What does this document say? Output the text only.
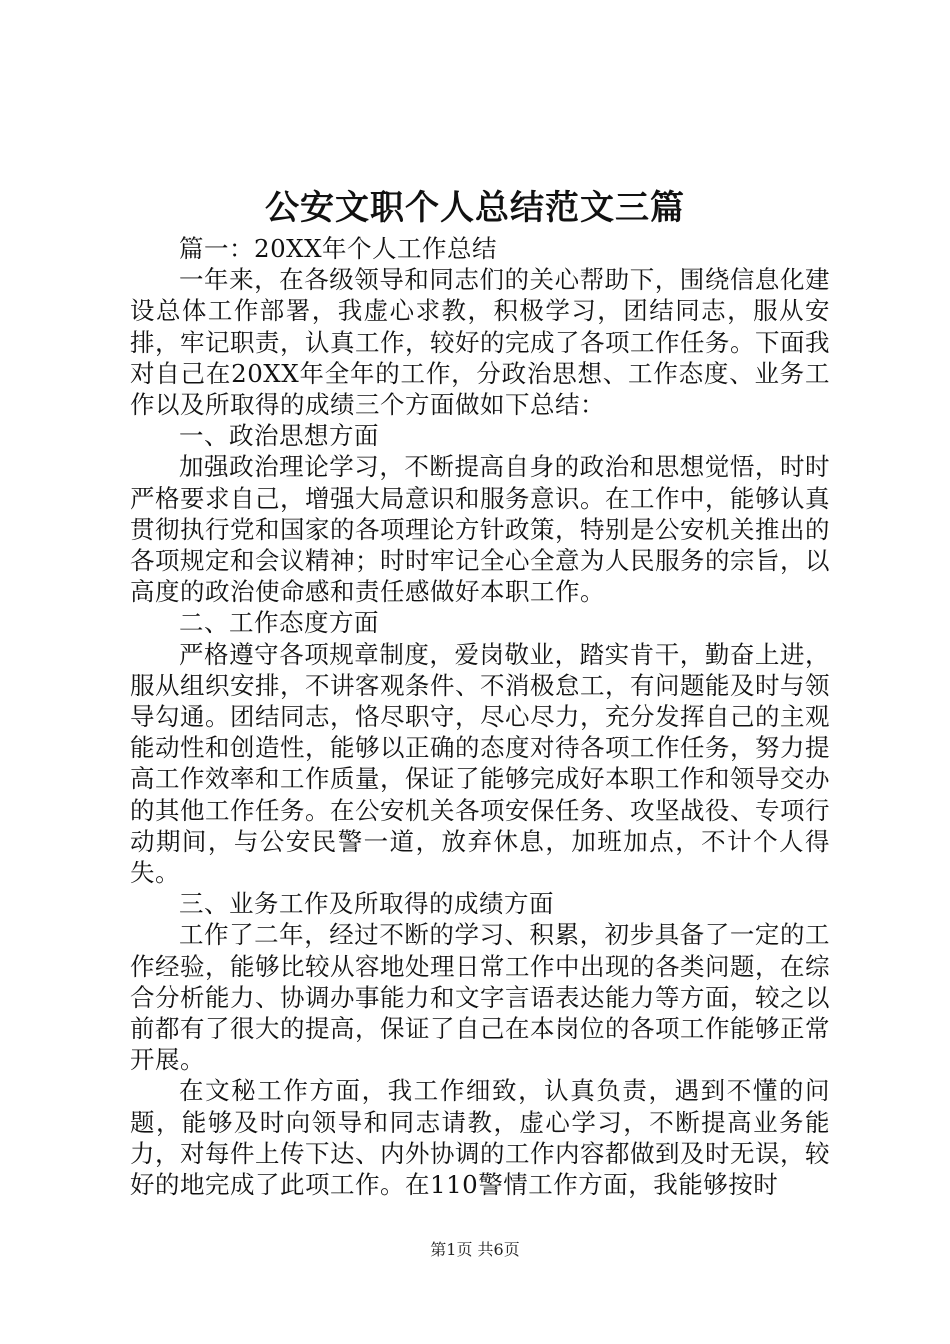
公安文职个人总结范文三篇

篇一：20XX年个人工作总结

一年来，在各级领导和同志们的关心帮助下，围绕信息化建设总体工作部署，我虚心求教，积极学习，团结同志，服从安排，牢记职责，认真工作，较好的完成了各项工作任务。下面我对自己在20XX年全年的工作，分政治思想、工作态度、业务工作以及所取得的成绩三个方面做如下总结：

一、政治思想方面

加强政治理论学习，不断提高自身的政治和思想觉悟，时时严格要求自己，增强大局意识和服务意识。在工作中，能够认真贯彻执行党和国家的各项理论方针政策，特别是公安机关推出的各项规定和会议精神；时时牢记全心全意为人民服务的宗旨，以高度的政治使命感和责任感做好本职工作。

二、工作态度方面

严格遵守各项规章制度，爱岗敬业，踏实肯干，勤奋上进，服从组织安排，不讲客观条件、不消极怠工，有问题能及时与领导勾通。团结同志，恪尽职守，尽心尽力，充分发挥自己的主观能动性和创造性，能够以正确的态度对待各项工作任务，努力提高工作效率和工作质量，保证了能够完成好本职工作和领导交办的其他工作任务。在公安机关各项安保任务、攻坚战役、专项行动期间，与公安民警一道，放弃休息，加班加点，不计个人得失。

三、业务工作及所取得的成绩方面

工作了二年，经过不断的学习、积累，初步具备了一定的工作经验，能够比较从容地处理日常工作中出现的各类问题，在综合分析能力、协调办事能力和文字言语表达能力等方面，较之以前都有了很大的提高，保证了自己在本岗位的各项工作能够正常开展。

在文秘工作方面，我工作细致，认真负责，遇到不懂的问题，能够及时向领导和同志请教，虚心学习，不断提高业务能力，对每件上传下达、内外协调的工作内容都做到及时无误，较好的地完成了此项工作。在110警情工作方面，我能够按时

第1页 共6页
